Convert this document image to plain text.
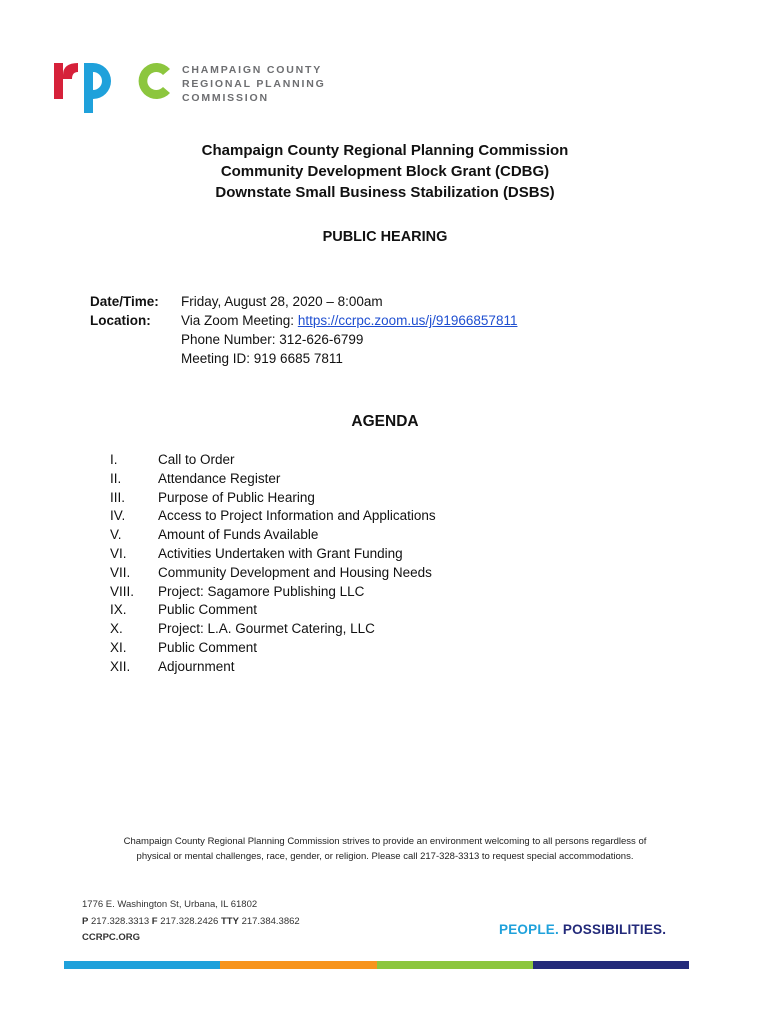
CHAMPAIGN COUNTY
REGIONAL PLANNING
COMMISSION
Champaign County Regional Planning Commission
Community Development Block Grant (CDBG)
Downstate Small Business Stabilization (DSBS)
PUBLIC HEARING
Date/Time:	Friday, August 28, 2020 – 8:00am
Location:	Via Zoom Meeting: https://ccrpc.zoom.us/j/91966857811
Phone Number: 312-626-6799
Meeting ID: 919 6685 7811
AGENDA
I.	Call to Order
II.	Attendance Register
III.	Purpose of Public Hearing
IV.	Access to Project Information and Applications
V.	Amount of Funds Available
VI.	Activities Undertaken with Grant Funding
VII.	Community Development and Housing Needs
VIII.	Project: Sagamore Publishing LLC
IX.	Public Comment
X.	Project: L.A. Gourmet Catering, LLC
XI.	Public Comment
XII.	Adjournment
Champaign County Regional Planning Commission strives to provide an environment welcoming to all persons regardless of
physical or mental challenges, race, gender, or religion. Please call 217-328-3313 to request special accommodations.
1776 E. Washington St, Urbana, IL 61802
P 217.328.3313 F 217.328.2426 TTY 217.384.3862
CCRPC.ORG
PEOPLE. POSSIBILITIES.
